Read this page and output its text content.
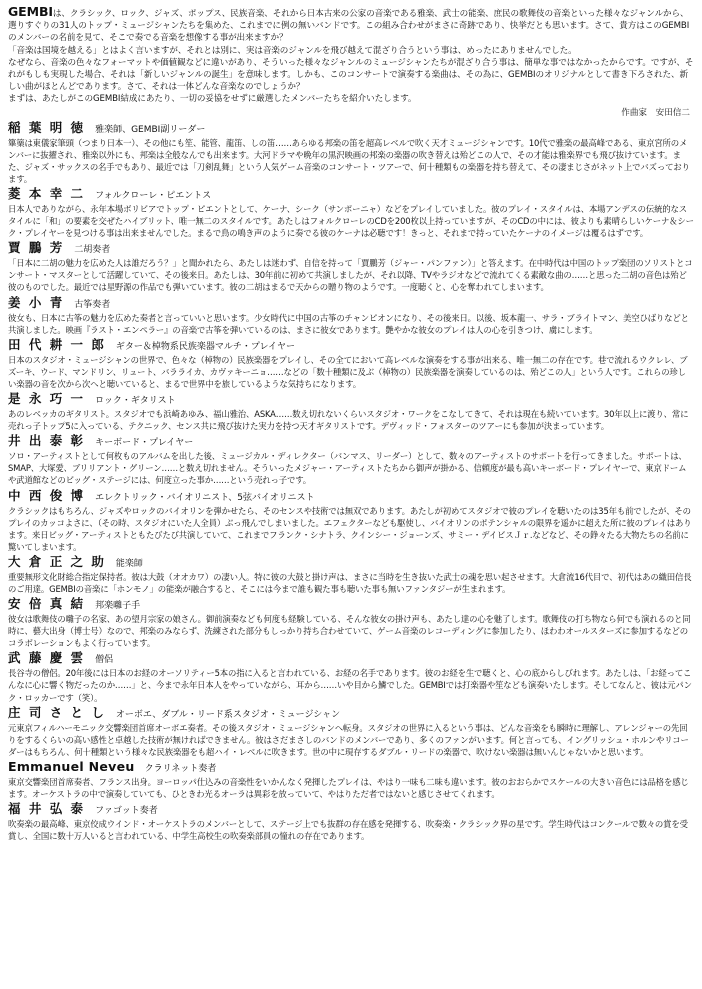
GEMBIは、クラシック、ロック、ジャズ、ポップス、民族音楽、それから日本古来の公家の音楽である雅楽、武士の能楽、庶民の歌舞伎の音楽といった様々なジャンルから、選りすぐりの31人のトップ・ミュージシャンたちを集めた、これまでに例の無いバンドです。この組み合わせがまさに奇跡であり、快挙だとも思います。さて、貴方はこのGEMBIのメンバーの名前を見て、そこで奏でる音楽を想像する事が出来ますか？

「音楽は国境を越える」とはよく言いますが、それとは別に、実は音楽のジャンルを飛び越えて混ざり合うという事は、めったにありませんでした。

なぜなら、音楽の色々なフォーマットや価値観などに違いがあり、そういった様々なジャンルのミュージシャンたちが混ざり合う事は、簡単な事ではなかったからです。ですが、それがもしも実現した場合、それは「新しいジャンルの誕生」を意味します。しかも、このコンサートで演奏する楽曲は、その為に、GEMBIのオリジナルとして書き下ろされた、新しい曲がほとんどであります。さて、それは一体どんな音楽なのでしょうか？

まずは、あたしがこのGEMBI結成にあたり、一切の妥協をせずに厳選したメンバーたちを紹介いたします。

作曲家　安田信二
稲 葉 明 徳 雅楽師、GEMBI副リーダー
篳篥は東儀家筆頭（つまり日本一）、その他にも笙、能管、龍笛、しの笛……あらゆる邦楽の笛を超高レベルで吹く天才ミュージシャンです。10代で雅楽の最高峰である、東京宮所のメンバーに抜擢され、雅楽以外にも、邦楽は全般なんでも出来ます。大河ドラマや晩年の黒沢映画の邦楽の楽器の吹き替えは殆どこの人で、その才能は雅楽界でも飛び抜けています。また、ジャズ・サックスの名手でもあり、最近では「刀剣乱舞」という人気ゲーム音楽のコンサート・ツアーで、何十種類もの楽器を持ち替えて、その凄まじさがネット上でバズっております。
菱 本 幸 二 フォルクローレ・ピエントス
日本人でありながら、永年本場ボリビアでトップ・ピエントとして、ケーナ、シーク（サンポーニャ）などをプレイしていました。彼のプレイ・スタイルは、本場アンデスの伝統的なスタイルに「和」の要素を交ぜたハイブリット、唯一無二のスタイルです。あたしはフォルクローレのCDを200枚以上持っていますが、そのCDの中には、彼よりも素晴らしいケーナ＆シーク・プレイヤーを見つける事は出来ませんでした。まるで鳥の鳴き声のように奏でる彼のケーナは必聴です！きっと、それまで持っていたケーナのイメージは覆るはずです。
賈 鵬 芳 二胡奏者
「日本に二胡の魅力を広めた人は誰だろう？」と聞かれたら、あたしは迷わず、自信を持って「賈鵬芳（ジャー・パンファン）」と答えます。在中時代は中国のトップ楽団のソリストとコンサート・マスターとして活躍していて、その後来日。あたしは、30年前に初めて共演しましたが、それ以降、TVやラジオなどで流れてくる素敵な曲の……と思った二胡の音色は殆ど彼のものでした。最近では星野源の作品でも弾いています。彼の二胡はまるで天からの贈り物のようです。一度聴くと、心を奪われてしまいます。
姜 小 青 古筝奏者
彼女も、日本に古筝の魅力を広めた奏者と言っていいと思います。少女時代に中国の古筝のチャンピオンになり、その後来日。以後、坂本龍一、サラ・ブライトマン、美空ひばりなどと共演しました。映画『ラスト・エンペラー』の音楽で古筝を弾いているのは、まさに彼女であります。艶やかな彼女のプレイは人の心を引きつけ、虜にします。
田 代 耕 一 郎 ギター＆棹物系民族楽器マルチ・プレイヤー
日本のスタジオ・ミュージシャンの世界で、色々な（棹物の）民族楽器をプレイし、その全てにおいて高レベルな演奏をする事が出来る、唯一無二の存在です。巷で流れるウクレレ、ブズーキ、ウード、マンドリン、リュート、バラライカ、カヴァキーニョ……などの「数十種類に及ぶ（棹物の）民族楽器を演奏しているのは、殆どこの人」という人です。これらの珍しい楽器の音を次から次へと聴いていると、まるで世界中を旅しているような気持ちになります。
是 永 巧 一 ロック・ギタリスト
あのレベッカのギタリスト。スタジオでも浜崎あゆみ、福山雅治、ASKA……数え切れないくらいスタジオ・ワークをこなしてきて、それは現在も続いています。30年以上に渡り、常に売れっ子トップ5に入っている、テクニック、センス共に飛び抜けた実力を持つ天才ギタリストです。デヴィッド・フォスターのツアーにも参加が決まっています。
井 出 泰 彰 キーボード・プレイヤー
ソロ・アーティストとして何枚ものアルバムを出した後、ミュージカル・ディレクター（バンマス、リーダー）として、数々のアーティストのサポートを行ってきました。サポートは、SMAP、大塚愛、ブリリアント・グリーン……と数え切れません。そういったメジャー・アーティストたちから御声が掛かる、信頼度が最も高いキーボード・プレイヤーで、東京ドームや武道館などのビッグ・ステージには、何度立った事か……という売れっ子です。
中 西 俊 博 エレクトリック・バイオリニスト、5弦バイオリニスト
クラシックはもちろん、ジャズやロックのバイオリンを弾かせたら、そのセンスや技術では無双であります。あたしが初めてスタジオで彼のプレイを聴いたのは35年も前でしたが、そのプレイのカッコよさに、（その時、スタジオにいた人全員）ぶっ飛んでしまいました。エフェクターなども駆使し、バイオリンのポテンシャルの限界を遥かに超えた所に彼のプレイはあります。来日ビッグ・アーティストともたびたび共演していて、これまでフランク・シナトラ、クインシー・ジョーンズ、サミー・デイビスＪｒ.などなど、その錚々たる大物たちの名前に驚いてしまいます。
大 倉 正 之 助 能楽師
重要無形文化財総合指定保持者。彼は大鼓（オオカワ）の凄い人。特に彼の大鼓と掛け声は、まさに当時を生き抜いた武士の魂を思い起させます。大倉流16代目で、初代はあの織田信長のご用達。GEMBIの音楽に「ホンモノ」の能楽が融合すると、そこには今まで誰も観た事も聴いた事も無いファンタジーが生まれます。
安 倍 真 結 邦楽囃子手
彼女は歌舞伎の囃子の名家、あの望月宗家の娘さん。御前演奏なども何度も経験している、そんな彼女の掛け声も、あたし達の心を魅了します。歌舞伎の打ち物なら何でも演れるのと同時に、藝大出身（博士号）なので、邦楽のみならず、洗練された部分もしっかり持ち合わせていて、ゲーム音楽のレコーディングに参加したり、ほわわオールスターズに参加するなどのコラボレーションもよく行っています。
武 藤 慶 雲 僧侶
長谷寺の僧侶。20年後には日本のお経のオーソリティー5本の指に入ると言われている、お経の名手であります。彼のお経を生で聴くと、心の底からしびれます。あたしは、「お経ってこんなに心に響く物だったのか……」と、今まで永年日本人をやっていながら、耳から……いや目から鱗でした。GEMBIでは打楽器や笙なども演奏いたします。そしてなんと、彼は元パンク・ロッカーです（笑）。
庄 司 さ と し オーボエ、ダブル・リード系スタジオ・ミュージシャン
元東京フィルハーモニック交響楽団首席オーボエ奏者。その後スタジオ・ミュージシャンへ転身。スタジオの世界に入るという事は、どんな音楽をも瞬時に理解し、アレンジャーの先回りをするくらいの高い感性と卓越した技術が無ければできません。彼はさだまさしのバンドのメンバーであり、多くのファンがいます。何と言っても、イングリッシュ・ホルンやリコーダーはもちろん、何十種類という様々な民族楽器をも超ハイ・レベルに吹きます。世の中に現存するダブル・リードの楽器で、吹けない楽器は無いんじゃないかと思います。
Emmanuel Neveu クラリネット奏者
東京交響楽団首席奏者、フランス出身。ヨーロッパ仕込みの音楽性をいかんなく発揮したプレイは、やはり一味も二味も違います。彼のおおらかでスケールの大きい音色には品格を感じます。オーケストラの中で演奏していても、ひときわ光るオーラは異彩を放っていて、やはりただ者ではないと感じさせてくれます。
福 井 弘 泰 ファゴット奏者
吹奏楽の最高峰、東京佼成ウインド・オーケストラのメンバーとして、ステージ上でも抜群の存在感を発揮する、吹奏楽・クラシック界の星です。学生時代はコンクールで数々の賞を受賞し、全国に数十万人いると言われている、中学生高校生の吹奏楽部員の憧れの存在であります。
